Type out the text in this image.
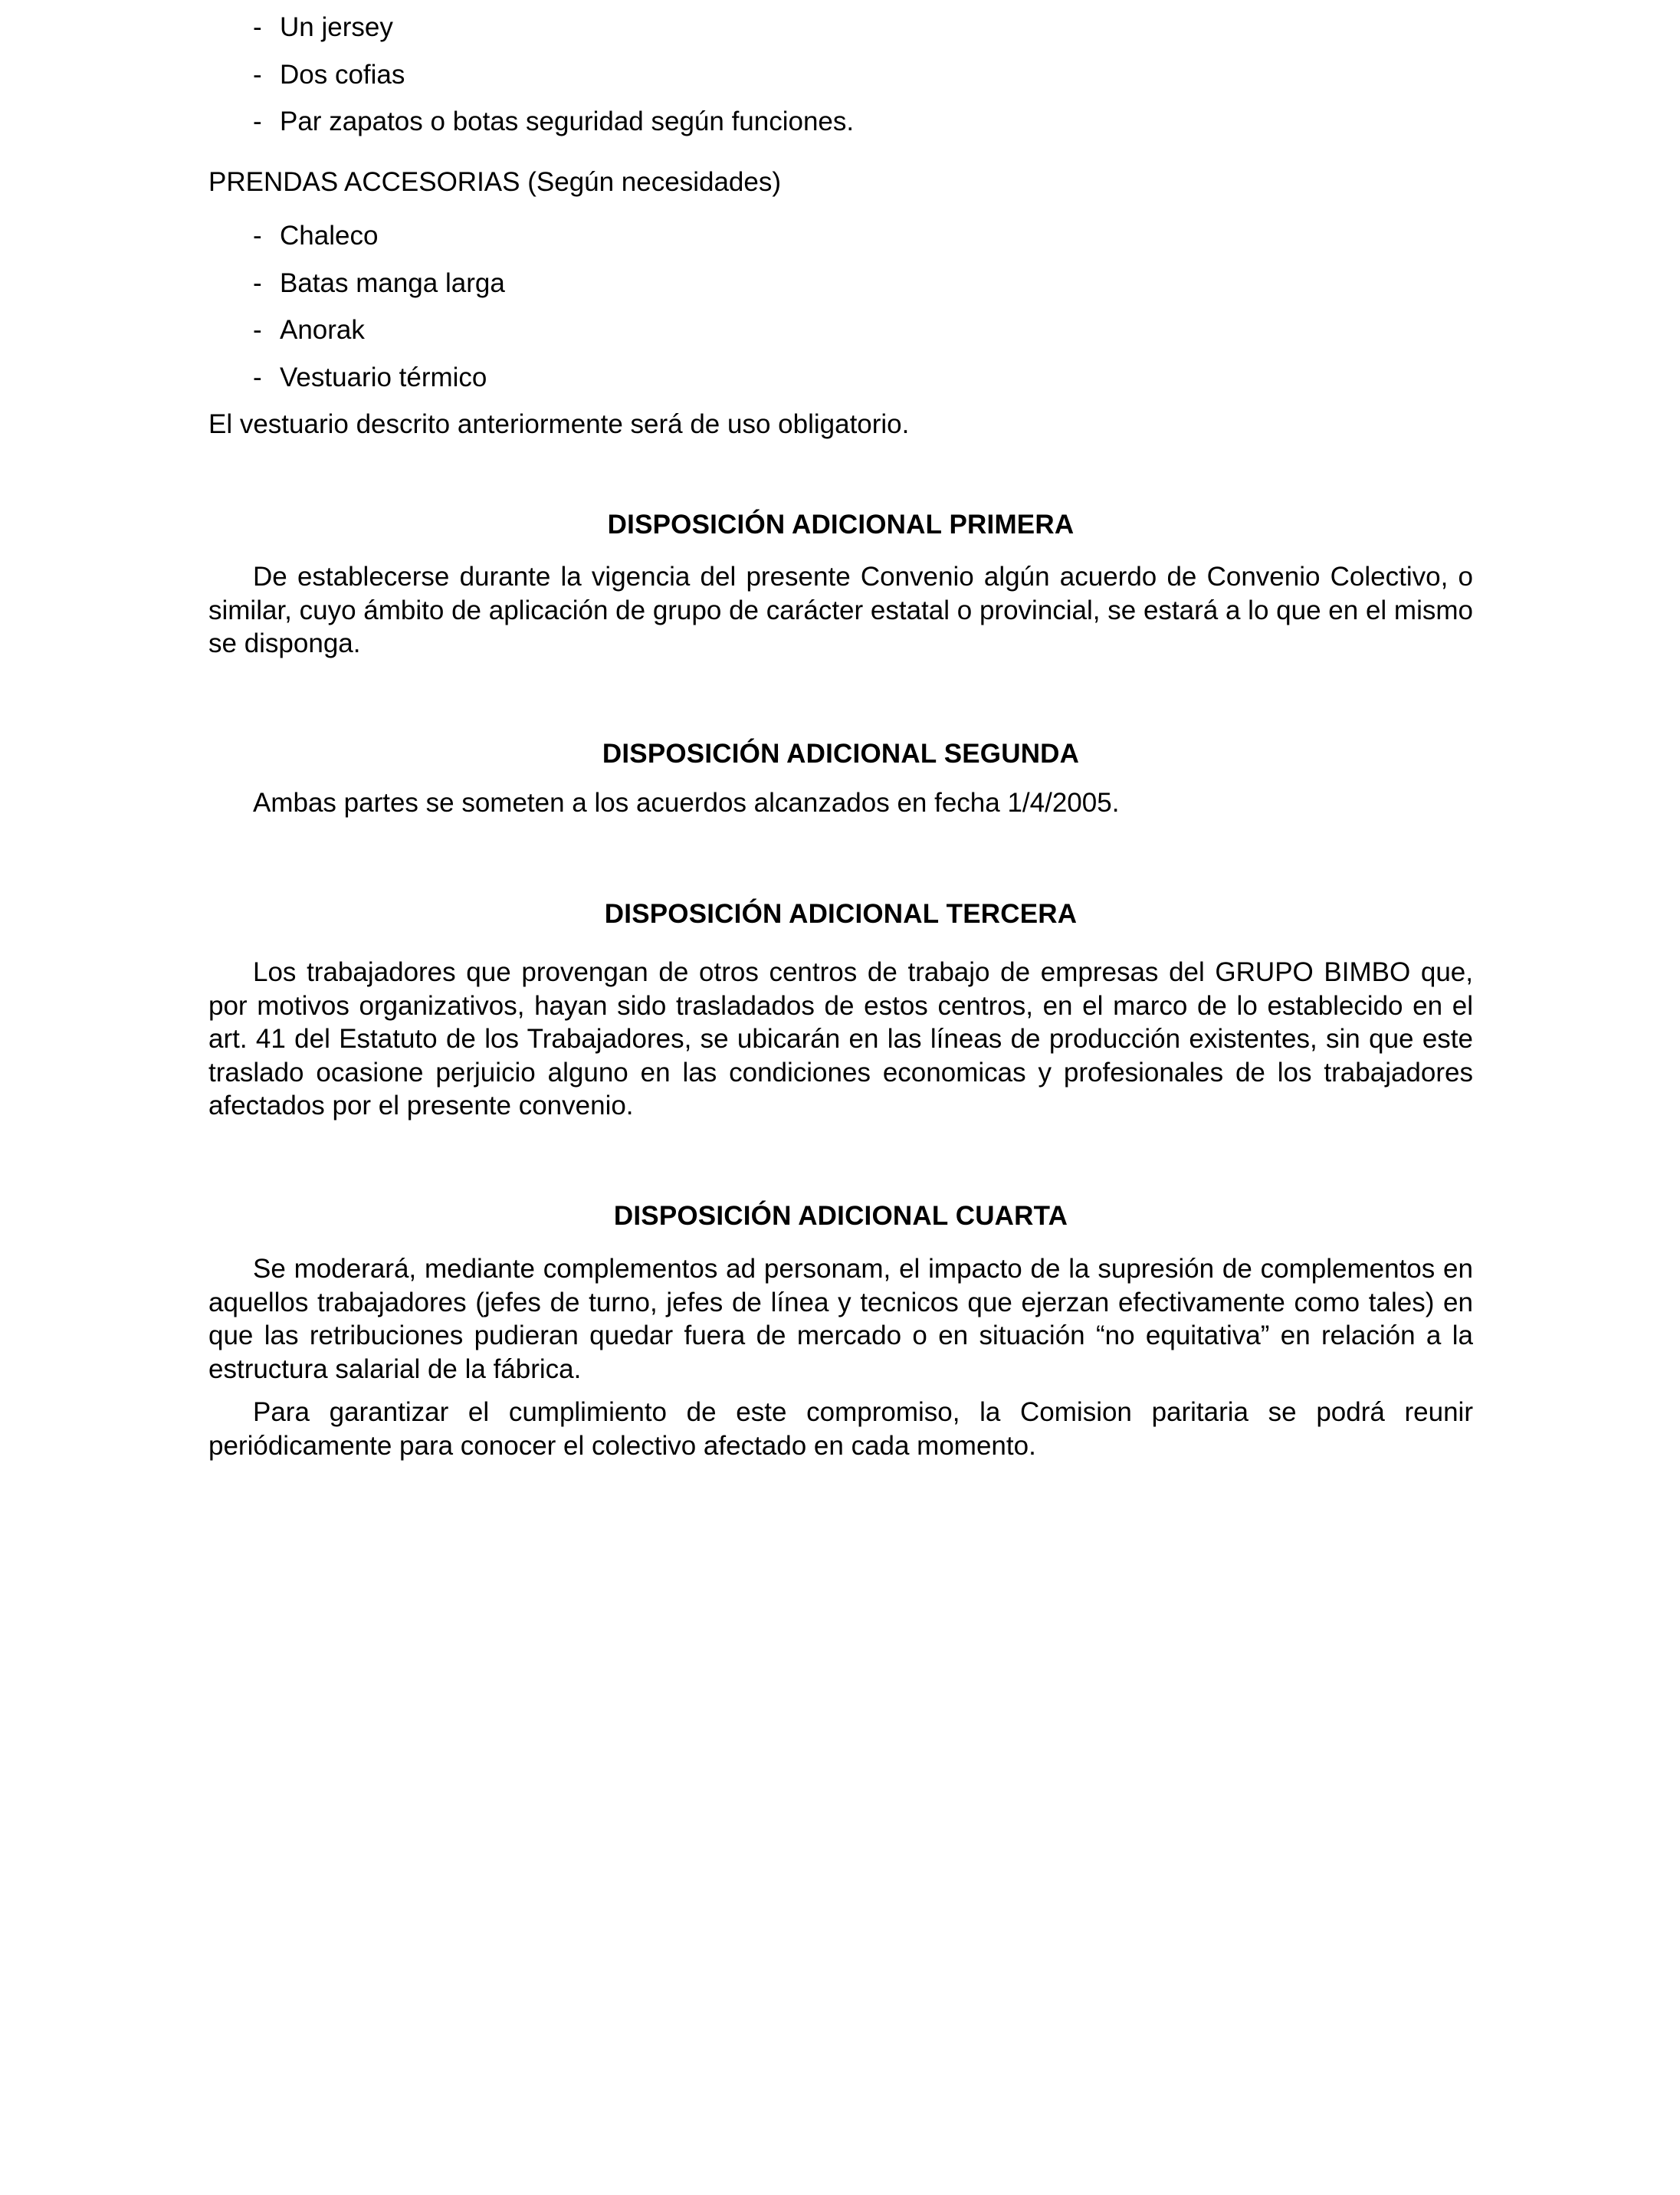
- Un jersey
- Dos cofias
- Par zapatos o botas seguridad según funciones.

PRENDAS ACCESORIAS (Según necesidades)

- Chaleco
- Batas manga larga
- Anorak
- Vestuario térmico

El vestuario descrito anteriormente será de uso obligatorio.

DISPOSICIÓN ADICIONAL PRIMERA

De establecerse durante la vigencia del presente Convenio algún acuerdo de Convenio Colectivo, o similar, cuyo ámbito de aplicación de grupo de carácter estatal o provincial, se estará a lo que en el mismo se disponga.

DISPOSICIÓN ADICIONAL SEGUNDA

Ambas partes se someten a los acuerdos alcanzados en fecha 1/4/2005.

DISPOSICIÓN ADICIONAL TERCERA

Los trabajadores que provengan de otros centros de trabajo de empresas del GRUPO BIMBO que, por motivos organizativos, hayan sido trasladados de estos centros, en el marco de lo establecido en el art. 41 del Estatuto de los Trabajadores, se ubicarán en las líneas de producción existentes, sin que este traslado ocasione perjuicio alguno en las condiciones economicas y profesionales de los trabajadores afectados por el presente convenio.

DISPOSICIÓN ADICIONAL CUARTA

Se moderará, mediante complementos ad personam, el impacto de la supresión de complementos en aquellos trabajadores (jefes de turno, jefes de línea y tecnicos que ejerzan efectivamente como tales) en que las retribuciones pudieran quedar fuera de mercado o en situación “no equitativa” en relación a la estructura salarial de la fábrica.

Para garantizar el cumplimiento de este compromiso, la Comision paritaria se podrá reunir periódicamente para conocer el colectivo afectado en cada momento.
